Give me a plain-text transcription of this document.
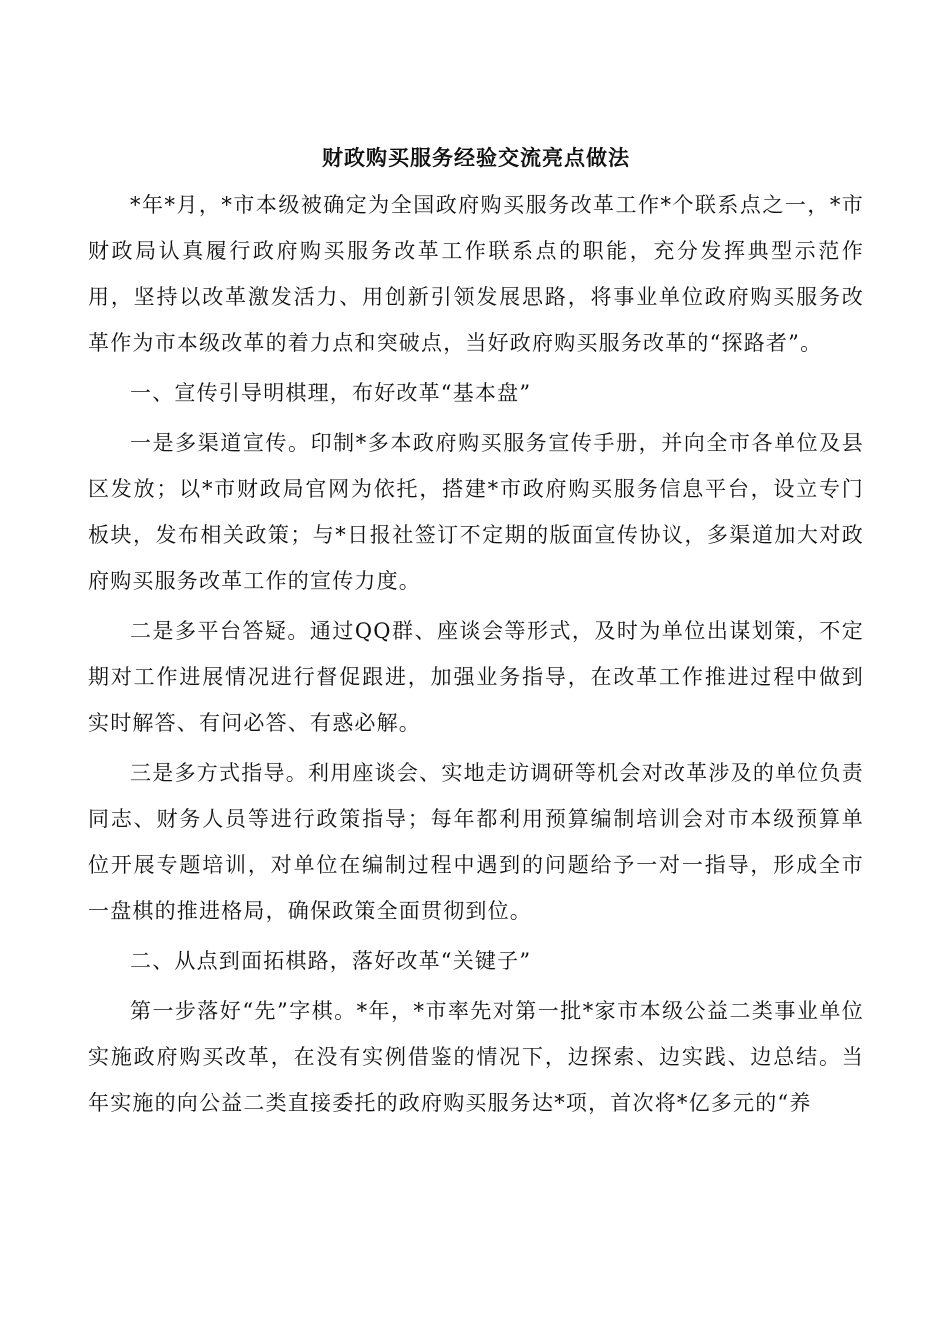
财政购买服务经验交流亮点做法

*年*月，*市本级被确定为全国政府购买服务改革工作*个联系点之一，*市财政局认真履行政府购买服务改革工作联系点的职能，充分发挥典型示范作用，坚持以改革激发活力、用创新引领发展思路，将事业单位政府购买服务改革作为市本级改革的着力点和突破点，当好政府购买服务改革的“探路者”。

一、宣传引导明棋理，布好改革“基本盘”

一是多渠道宣传。印制*多本政府购买服务宣传手册，并向全市各单位及县区发放；以*市财政局官网为依托，搭建*市政府购买服务信息平台，设立专门板块，发布相关政策；与*日报社签订不定期的版面宣传协议，多渠道加大对政府购买服务改革工作的宣传力度。

二是多平台答疑。通过QQ群、座谈会等形式，及时为单位出谋划策，不定期对工作进展情况进行督促跟进，加强业务指导，在改革工作推进过程中做到实时解答、有问必答、有惑必解。

三是多方式指导。利用座谈会、实地走访调研等机会对改革涉及的单位负责同志、财务人员等进行政策指导；每年都利用预算编制培训会对市本级预算单位开展专题培训，对单位在编制过程中遇到的问题给予一对一指导，形成全市一盘棋的推进格局，确保政策全面贯彻到位。

二、从点到面拓棋路，落好改革“关键子”

第一步落好“先”字棋。*年，*市率先对第一批*家市本级公益二类事业单位实施政府购买改革，在没有实例借鉴的情况下，边探索、边实践、边总结。当年实施的向公益二类直接委托的政府购买服务达*项，首次将*亿多元的“养
